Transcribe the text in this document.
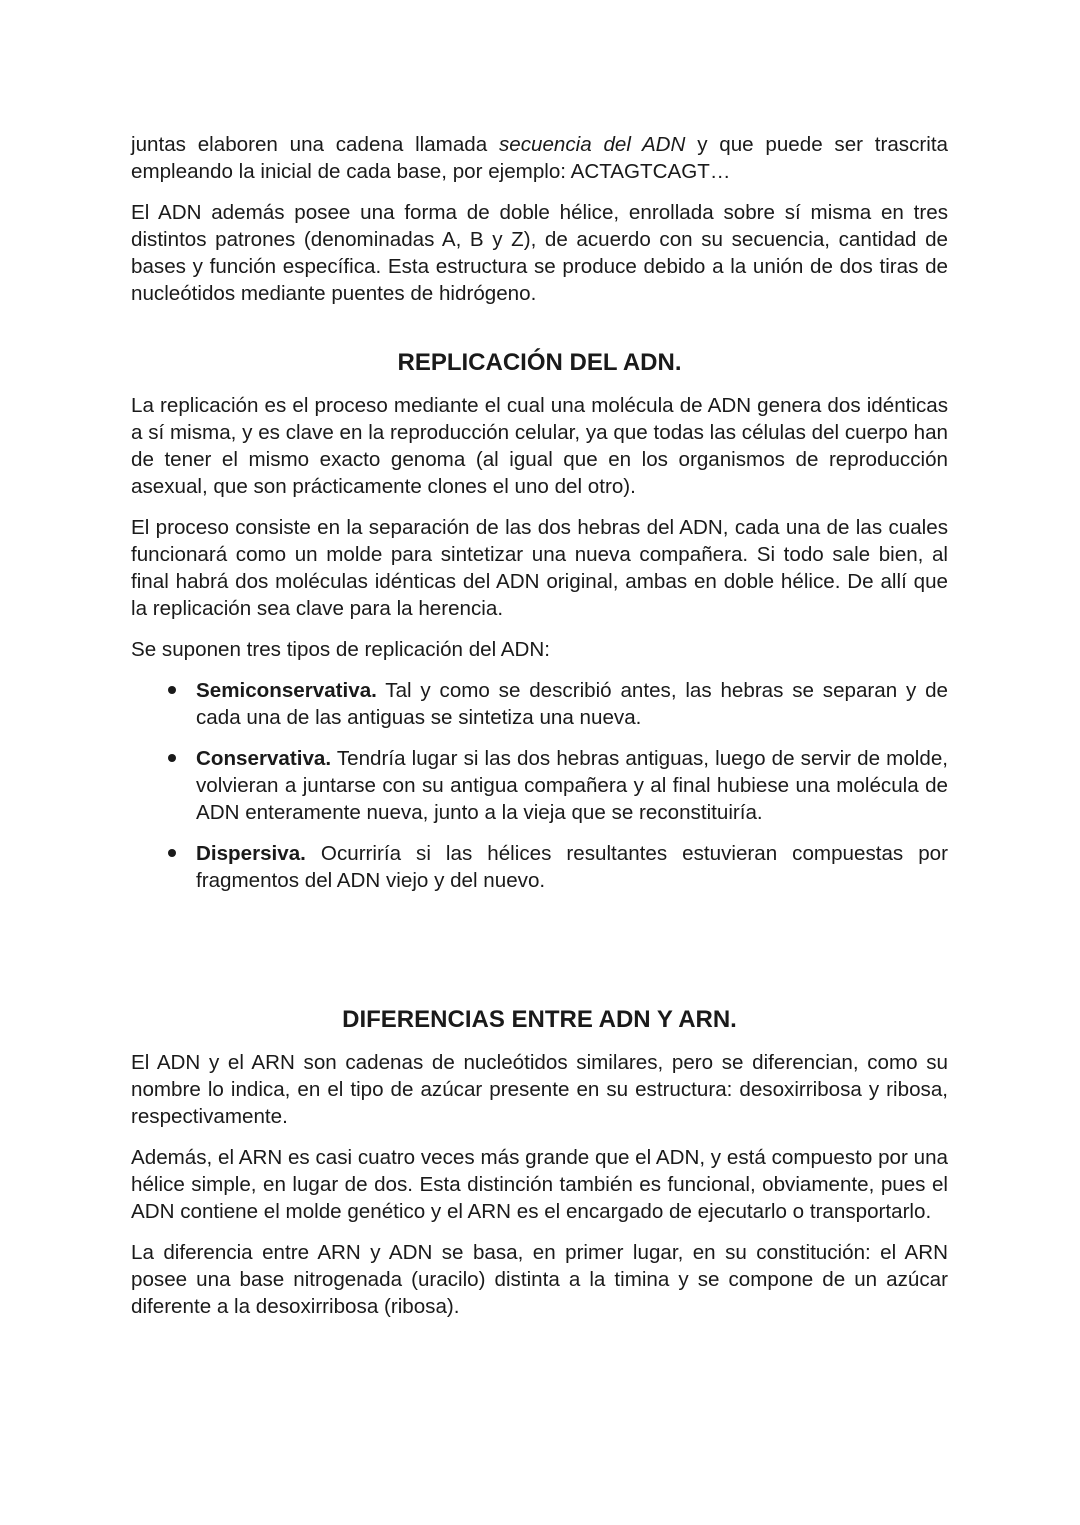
juntas elaboren una cadena llamada secuencia del ADN y que puede ser trascrita empleando la inicial de cada base, por ejemplo: ACTAGTCAGT…

El ADN además posee una forma de doble hélice, enrollada sobre sí misma en tres distintos patrones (denominadas A, B y Z), de acuerdo con su secuencia, cantidad de bases y función específica. Esta estructura se produce debido a la unión de dos tiras de nucleótidos mediante puentes de hidrógeno.

REPLICACIÓN DEL ADN.

La replicación es el proceso mediante el cual una molécula de ADN genera dos idénticas a sí misma, y es clave en la reproducción celular, ya que todas las células del cuerpo han de tener el mismo exacto genoma (al igual que en los organismos de reproducción asexual, que son prácticamente clones el uno del otro).

El proceso consiste en la separación de las dos hebras del ADN, cada una de las cuales funcionará como un molde para sintetizar una nueva compañera. Si todo sale bien, al final habrá dos moléculas idénticas del ADN original, ambas en doble hélice. De allí que la replicación sea clave para la herencia.

Se suponen tres tipos de replicación del ADN:

Semiconservativa. Tal y como se describió antes, las hebras se separan y de cada una de las antiguas se sintetiza una nueva.
Conservativa. Tendría lugar si las dos hebras antiguas, luego de servir de molde, volvieran a juntarse con su antigua compañera y al final hubiese una molécula de ADN enteramente nueva, junto a la vieja que se reconstituiría.
Dispersiva. Ocurriría si las hélices resultantes estuvieran compuestas por fragmentos del ADN viejo y del nuevo.
DIFERENCIAS ENTRE ADN Y ARN.

El ADN y el ARN son cadenas de nucleótidos similares, pero se diferencian, como su nombre lo indica, en el tipo de azúcar presente en su estructura: desoxirribosa y ribosa, respectivamente.

Además, el ARN es casi cuatro veces más grande que el ADN, y está compuesto por una hélice simple, en lugar de dos. Esta distinción también es funcional, obviamente, pues el ADN contiene el molde genético y el ARN es el encargado de ejecutarlo o transportarlo.

La diferencia entre ARN y ADN se basa, en primer lugar, en su constitución: el ARN posee una base nitrogenada (uracilo) distinta a la timina y se compone de un azúcar diferente a la desoxirribosa (ribosa).
